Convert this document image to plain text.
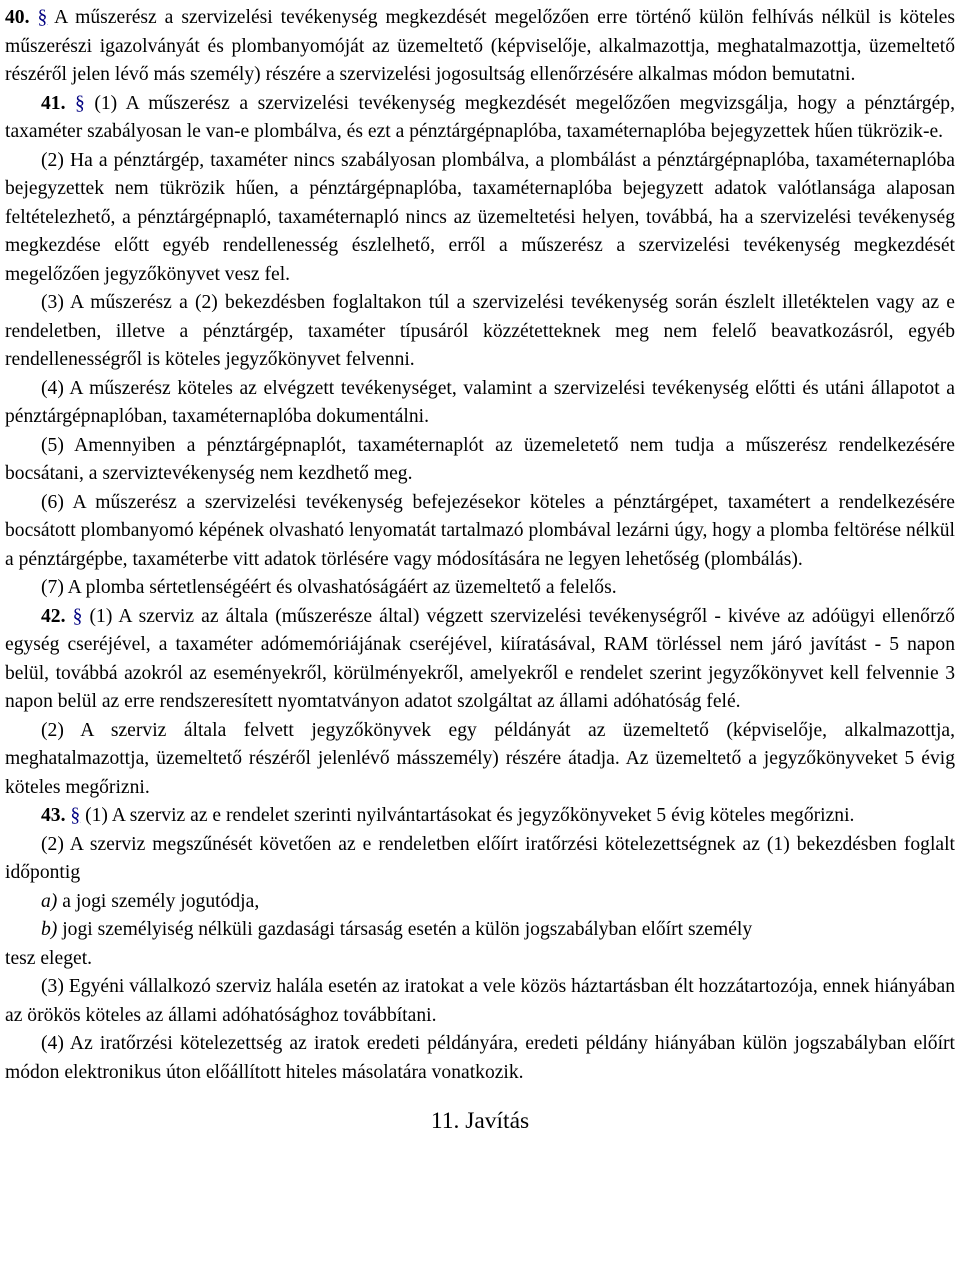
40. § A műszerész a szervizelési tevékenység megkezdését megelőzően erre történő külön felhívás nélkül is köteles műszerészi igazolványát és plombanyomóját az üzemeltető (képviselője, alkalmazottja, meghatalmazottja, üzemeltető részéről jelen lévő más személy) részére a szervizelési jogosultság ellenőrzésére alkalmas módon bemutatni.

41. § (1) A műszerész a szervizelési tevékenység megkezdését megelőzően megvizsgálja, hogy a pénztárgép, taxaméter szabályosan le van-e plombálva, és ezt a pénztárgépnaplóba, taxaméternaplóba bejegyzettek hűen tükrözik-e.

(2) Ha a pénztárgép, taxaméter nincs szabályosan plombálva, a plombálást a pénztárgépnaplóba, taxaméternaplóba bejegyzettek nem tükrözik hűen, a pénztárgépnaplóba, taxaméternaplóba bejegyzett adatok valótlansága alaposan feltételezhető, a pénztárgépnapló, taxaméternapló nincs az üzemeltetési helyen, továbbá, ha a szervizelési tevékenység megkezdése előtt egyéb rendellenesség észlelhető, erről a műszerész a szervizelési tevékenység megkezdését megelőzően jegyzőkönyvet vesz fel.

(3) A műszerész a (2) bekezdésben foglaltakon túl a szervizelési tevékenység során észlelt illetéktelen vagy az e rendeletben, illetve a pénztárgép, taxaméter típusáról közzétetteknek meg nem felelő beavatkozásról, egyéb rendellenességről is köteles jegyzőkönyvet felvenni.

(4) A műszerész köteles az elvégzett tevékenységet, valamint a szervizelési tevékenység előtti és utáni állapotot a pénztárgépnaplóban, taxaméternaplóba dokumentálni.

(5) Amennyiben a pénztárgépnaplót, taxaméternaplót az üzemeletető nem tudja a műszerész rendelkezésére bocsátani, a szerviztevékenység nem kezdhető meg.

(6) A műszerész a szervizelési tevékenység befejezésekor köteles a pénztárgépet, taxamétert a rendelkezésére bocsátott plombanyomó képének olvasható lenyomatát tartalmazó plombával lezárni úgy, hogy a plomba feltörése nélkül a pénztárgépbe, taxaméterbe vitt adatok törlésére vagy módosítására ne legyen lehetőség (plombálás).

(7) A plomba sértetlenségéért és olvashatóságáért az üzemeltető a felelős.

42. § (1) A szerviz az általa (műszerésze által) végzett szervizelési tevékenységről - kivéve az adóügyi ellenőrző egység cseréjével, a taxaméter adómemóriájának cseréjével, kiíratásával, RAM törléssel nem járó javítást - 5 napon belül, továbbá azokról az eseményekről, körülményekről, amelyekről e rendelet szerint jegyzőkönyvet kell felvennie 3 napon belül az erre rendszeresített nyomtatványon adatot szolgáltat az állami adóhatóság felé.

(2) A szerviz általa felvett jegyzőkönyvek egy példányát az üzemeltető (képviselője, alkalmazottja, meghatalmazottja, üzemeltető részéről jelenlévő másszemély) részére átadja. Az üzemeltető a jegyzőkönyveket 5 évig köteles megőrizni.

43. § (1) A szerviz az e rendelet szerinti nyilvántartásokat és jegyzőkönyveket 5 évig köteles megőrizni.

(2) A szerviz megszűnését követően az e rendeletben előírt iratőrzési kötelezettségnek az (1) bekezdésben foglalt időpontig

a) a jogi személy jogutódja,

b) jogi személyiség nélküli gazdasági társaság esetén a külön jogszabályban előírt személy

tesz eleget.

(3) Egyéni vállalkozó szerviz halála esetén az iratokat a vele közös háztartásban élt hozzátartozója, ennek hiányában az örökös köteles az állami adóhatósághoz továbbítani.

(4) Az iratőrzési kötelezettség az iratok eredeti példányára, eredeti példány hiányában külön jogszabályban előírt módon elektronikus úton előállított hiteles másolatára vonatkozik.

11. Javítás
